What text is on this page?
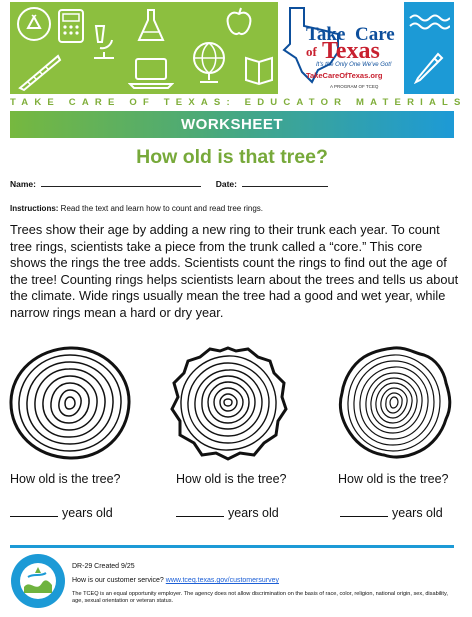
Take Care
of Texas
It's the Only One We've Got!
TakeCareOfTexas.org
A PROGRAM OF TCEQ
TAKE CARE OF TEXAS: EDUCATOR MATERIALS
WORKSHEET
How old is that tree?
Name:	Date:
Instructions: Read the text and learn how to count and read tree rings.
Trees show their age by adding a new ring to their trunk each year. To count tree rings, scientists take a piece from the trunk called a “core.” This core shows the rings the tree adds. Scientists count the rings to find out the age of the tree! Counting rings helps scientists learn about the trees and tells us about the climate. Wide rings usually mean the tree had a good and wet year, while narrow rings mean a hard or dry year.
How old is the tree?	How old is the tree?	How old is the tree?
years old	years old	years old
DR-29 Created 9/25
How is our customer service? www.tceq.texas.gov/customersurvey
The TCEQ is an equal opportunity employer. The agency does not allow discrimination on the basis of race, color, religion, national origin, sex, disability, age, sexual orientation or veteran status.
